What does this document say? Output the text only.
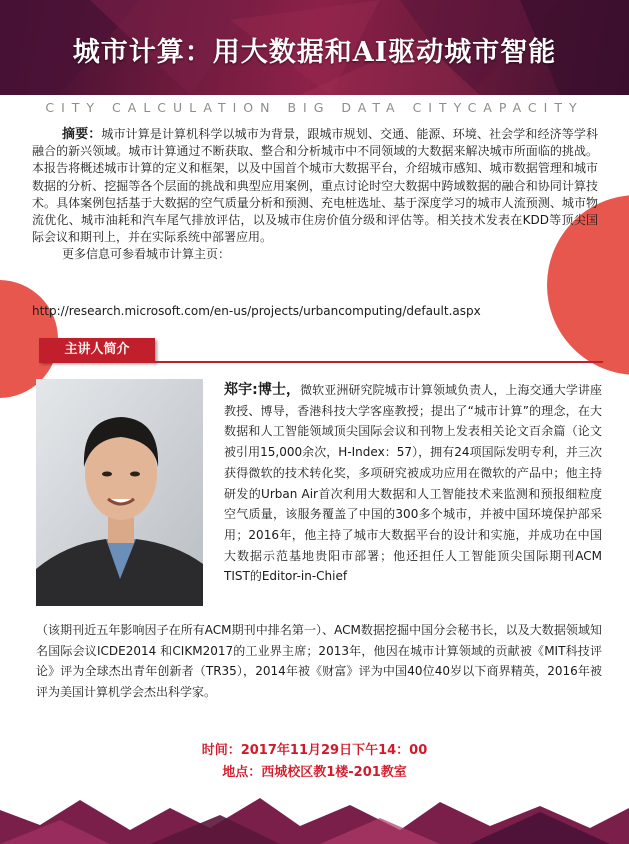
城市计算：用大数据和AI驱动城市智能
CITY CALCULATION BIG DATA CITYCAPACITY

摘要：城市计算是计算机科学以城市为背景，跟城市规划、交通、能源、环境、社会学和经济等学科融合的新兴领域。城市计算通过不断获取、整合和分析城市中不同领域的大数据来解决城市所面临的挑战。本报告将概述城市计算的定义和框架，以及中国首个城市大数据平台，介绍城市感知、城市数据管理和城市数据的分析、挖掘等各个层面的挑战和典型应用案例，重点讨论时空大数据中跨域数据的融合和协同计算技术。具体案例包括基于大数据的空气质量分析和预测、充电桩选址、基于深度学习的城市人流预测、城市物流优化、城市油耗和汽车尾气排放评估，以及城市住房价值分级和评估等。相关技术发表在KDD等顶尖国际会议和期刊上，并在实际系统中部署应用。

更多信息可参看城市计算主页：

http://research.microsoft.com/en-us/projects/urbancomputing/default.aspx
主讲人简介

郑宇:博士，微软亚洲研究院城市计算领域负责人，上海交通大学讲座教授、博导，香港科技大学客座教授；提出了“城市计算”的理念，在大数据和人工智能领域顶尖国际会议和刊物上发表相关论文百余篇（论文被引用15,000余次，H-Index：57），拥有24项国际发明专利，并三次获得微软的技术转化奖，多项研究被成功应用在微软的产品中；他主持研发的Urban Air首次利用大数据和人工智能技术来监测和预报细粒度空气质量，该服务覆盖了中国的300多个城市，并被中国环境保护部采用；2016年，他主持了城市大数据平台的设计和实施，并成功在中国大数据示范基地贵阳市部署；他还担任人工智能顶尖国际期刊ACM TIST的Editor-in-Chief

（该期刊近五年影响因子在所有ACM期刊中排名第一）、ACM数据挖掘中国分会秘书长，以及大数据领域知名国际会议ICDE2014 和CIKM2017的工业界主席；2013年，他因在城市计算领域的贡献被《MIT科技评论》评为全球杰出青年创新者（TR35），2014年被《财富》评为中国40位40岁以下商界精英，2016年被评为美国计算机学会杰出科学家。

时间：2017年11月29日下午14：00
地点：西城校区教1楼-201教室
